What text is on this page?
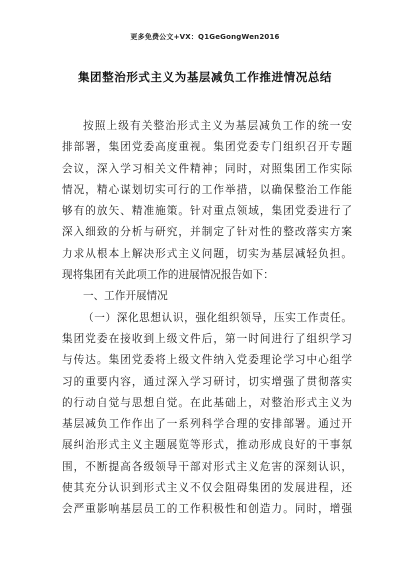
更多免费公文+VX：Q1GeGongWen2016
集团整治形式主义为基层减负工作推进情况总结
按照上级有关整治形式主义为基层减负工作的统一安
排部署，集团党委高度重视。集团党委专门组织召开专题
会议，深入学习相关文件精神；同时，对照集团工作实际
情况，精心谋划切实可行的工作举措，以确保整治工作能
够有的放矢、精准施策。针对重点领域，集团党委进行了
深入细致的分析与研究，并制定了针对性的整改落实方案
力求从根本上解决形式主义问题，切实为基层减轻负担。
现将集团有关此项工作的进展情况报告如下：
一、工作开展情况
（一）深化思想认识，强化组织领导，压实工作责任。
集团党委在接收到上级文件后，第一时间进行了组织学习
与传达。集团党委将上级文件纳入党委理论学习中心组学
习的重要内容，通过深入学习研讨，切实增强了贯彻落实
的行动自觉与思想自觉。在此基础上，对整治形式主义为
基层减负工作作出了一系列科学合理的安排部署。通过开
展纠治形式主义主题展览等形式，推动形成良好的干事氛
围，不断提高各级领导干部对形式主义危害的深刻认识，
使其充分认识到形式主义不仅会阻碍集团的发展进程，还
会严重影响基层员工的工作积极性和创造力。同时，增强
